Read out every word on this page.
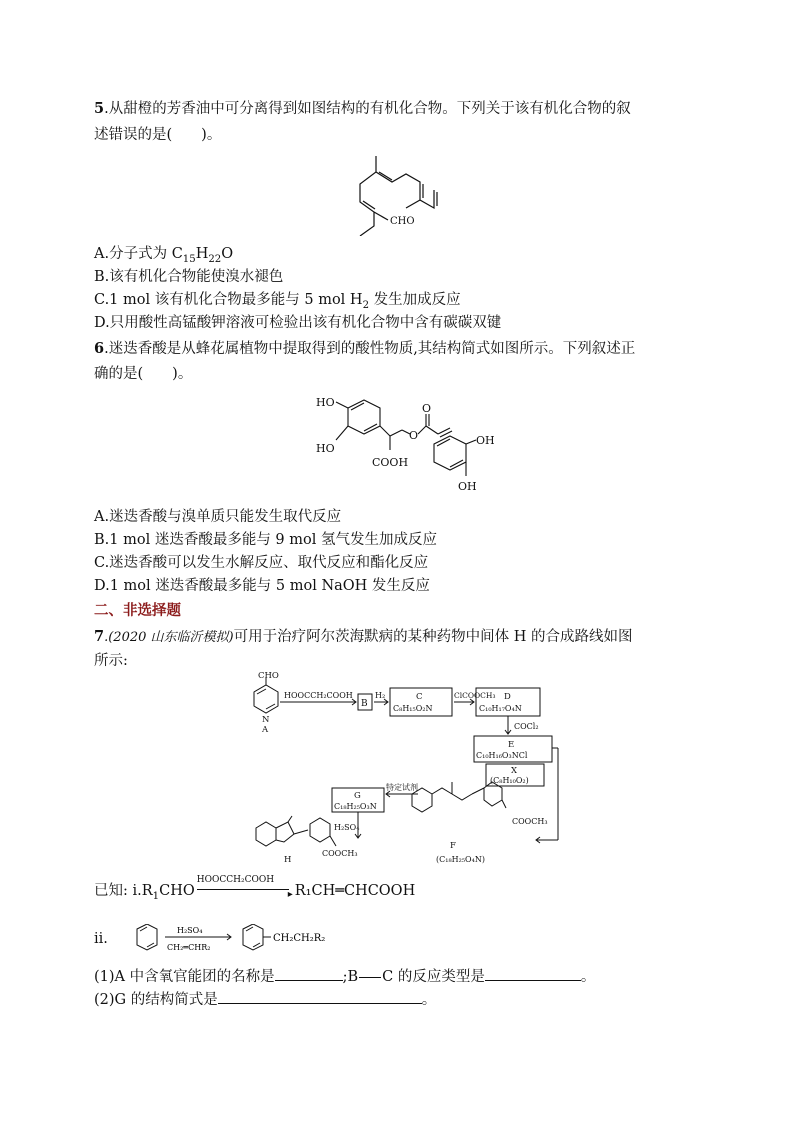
5.从甜橙的芳香油中可分离得到如图结构的有机化合物。下列关于该有机化合物的叙
述错误的是(　　)。
CHO
A.分子式为 $C_{15}H_{22}O$
B.该有机化合物能使溴水褪色
C.1 mol 该有机化合物最多能与 5 mol $H_2$ 发生加成反应
D.只用酸性高锰酸钾溶液可检验出该有机化合物中含有碳碳双键
6.迷迭香酸是从蜂花属植物中提取得到的酸性物质,其结构简式如图所示。下列叙述正
确的是(　　)。
HO
HO
O
O
COOH
OH
OH
A.迷迭香酸与溴单质只能发生取代反应
B.1 mol 迷迭香酸最多能与 9 mol 氢气发生加成反应
C.迷迭香酸可以发生水解反应、取代反应和酯化反应
D.1 mol 迷迭香酸最多能与 5 mol NaOH 发生反应
二、非选择题
7.(2020 山东临沂模拟)可用于治疗阿尔茨海默病的某种药物中间体 H 的合成路线如图
所示:
CHO
N
A
HOOCCH₂COOH
B
H₂	C
C₈H₁₅O₂N
ClCOOCH₃ D
C₁₀H₁₇O₄N
COCl₂
E
C₁₀H₁₆O₃NCl
X
(C₈H₁₀O₂)
COOCH₃
F
(C₁₈H₂₅O₄N)
G
C₁₈H₂₅O₃N
特定试剂
H₂SO₄
H
COOCH₃
已知: $ⅰ.R_1CHO$
HOOCCH₂COOH
▸ R₁CH═CHCOOH
ⅱ.
H₂SO₄
CH₂═CHR₂
CH₂CH₂R₂
(1)A 中含氧官能团的名称是	;B C 的反应类型是	。
(2)G 的结构简式是	。
